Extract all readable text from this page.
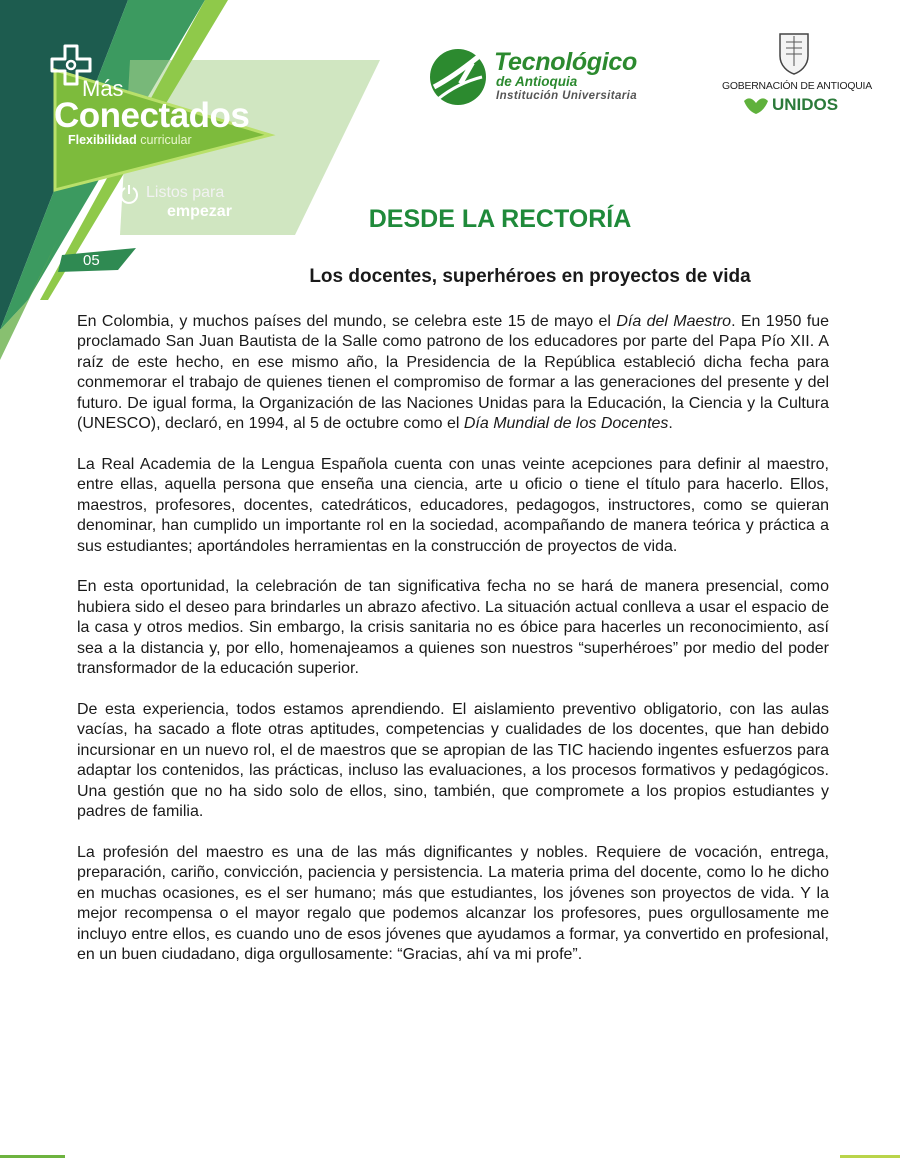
Más
Conectados
Flexibilidad curricular
Listos para
empezar
05
Tecnológico
de Antioquia
Institución Universitaria
GOBERNACIÓN DE ANTIOQUIA
UNIDOS
DESDE LA RECTORÍA
Los docentes, superhéroes en proyectos de vida

En Colombia, y muchos países del mundo, se celebra este 15 de mayo el Día del Maestro. En 1950 fue proclamado San Juan Bautista de la Salle como patrono de los educadores por parte del Papa Pío XII. A raíz de este hecho, en ese mismo año, la Presidencia de la República estableció dicha fecha para conmemorar el trabajo de quienes tienen el compromiso de formar a las generaciones del presente y del futuro. De igual forma, la Organización de las Naciones Unidas para la Educación, la Ciencia y la Cultura (UNESCO), declaró, en 1994, al 5 de octubre como el Día Mundial de los Docentes.

La Real Academia de la Lengua Española cuenta con unas veinte acepciones para definir al maestro, entre ellas, aquella persona que enseña una ciencia, arte u oficio o tiene el título para hacerlo. Ellos, maestros, profesores, docentes, catedráticos, educadores, pedagogos, instructores, como se quieran denominar, han cumplido un importante rol en la sociedad, acompañando de manera teórica y práctica a sus estudiantes; aportándoles herramientas en la construcción de proyectos de vida.

En esta oportunidad, la celebración de tan significativa fecha no se hará de manera presencial, como hubiera sido el deseo para brindarles un abrazo afectivo. La situación actual conlleva a usar el espacio de la casa y otros medios. Sin embargo, la crisis sanitaria no es óbice para hacerles un reconocimiento, así sea a la distancia y, por ello, homenajeamos a quienes son nuestros “superhéroes” por medio del poder transformador de la educación superior.

De esta experiencia, todos estamos aprendiendo. El aislamiento preventivo obligatorio, con las aulas vacías, ha sacado a flote otras aptitudes, competencias y cualidades de los docentes, que han debido incursionar en un nuevo rol, el de maestros que se apropian de las TIC haciendo ingentes esfuerzos para adaptar los contenidos, las prácticas, incluso las evaluaciones, a los procesos formativos y pedagógicos. Una gestión que no ha sido solo de ellos, sino, también, que compromete a los propios estudiantes y padres de familia.

La profesión del maestro es una de las más dignificantes y nobles. Requiere de vocación, entrega, preparación, cariño, convicción, paciencia y persistencia. La materia prima del docente, como lo he dicho en muchas ocasiones, es el ser humano; más que estudiantes, los jóvenes son proyectos de vida. Y la mejor recompensa o el mayor regalo que podemos alcanzar los profesores, pues orgullosamente me incluyo entre ellos, es cuando uno de esos jóvenes que ayudamos a formar, ya convertido en profesional, en un buen ciudadano, diga orgullosamente: “Gracias, ahí va mi profe”.
